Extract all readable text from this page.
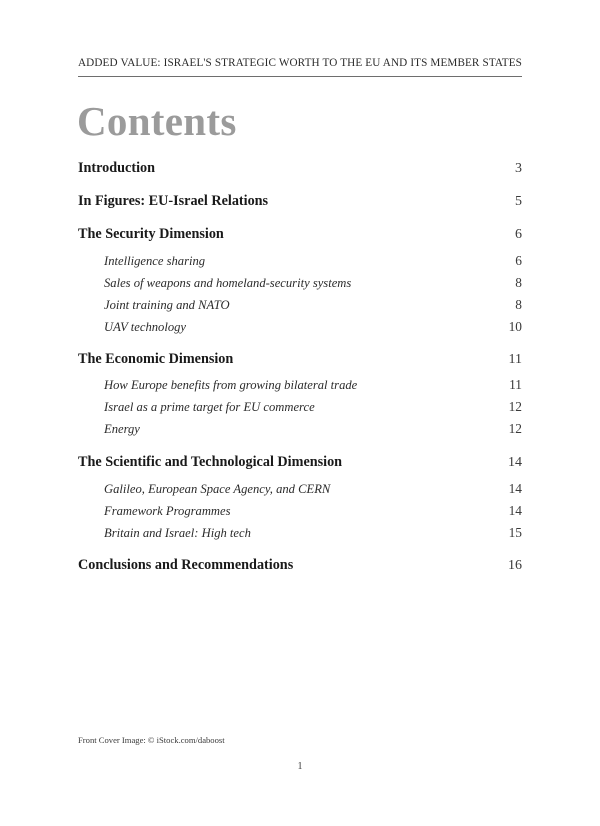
ADDED VALUE: ISRAEL'S STRATEGIC WORTH TO THE EU AND ITS MEMBER STATES
Contents
Introduction	3
In Figures: EU-Israel Relations	5
The Security Dimension	6
Intelligence sharing	6
Sales of weapons and homeland-security systems	8
Joint training and NATO	8
UAV technology	10
The Economic Dimension	11
How Europe benefits from growing bilateral trade	11
Israel as a prime target for EU commerce	12
Energy	12
The Scientific and Technological Dimension	14
Galileo, European Space Agency, and CERN	14
Framework Programmes	14
Britain and Israel: High tech	15
Conclusions and Recommendations	16
Front Cover Image: © iStock.com/daboost
1
